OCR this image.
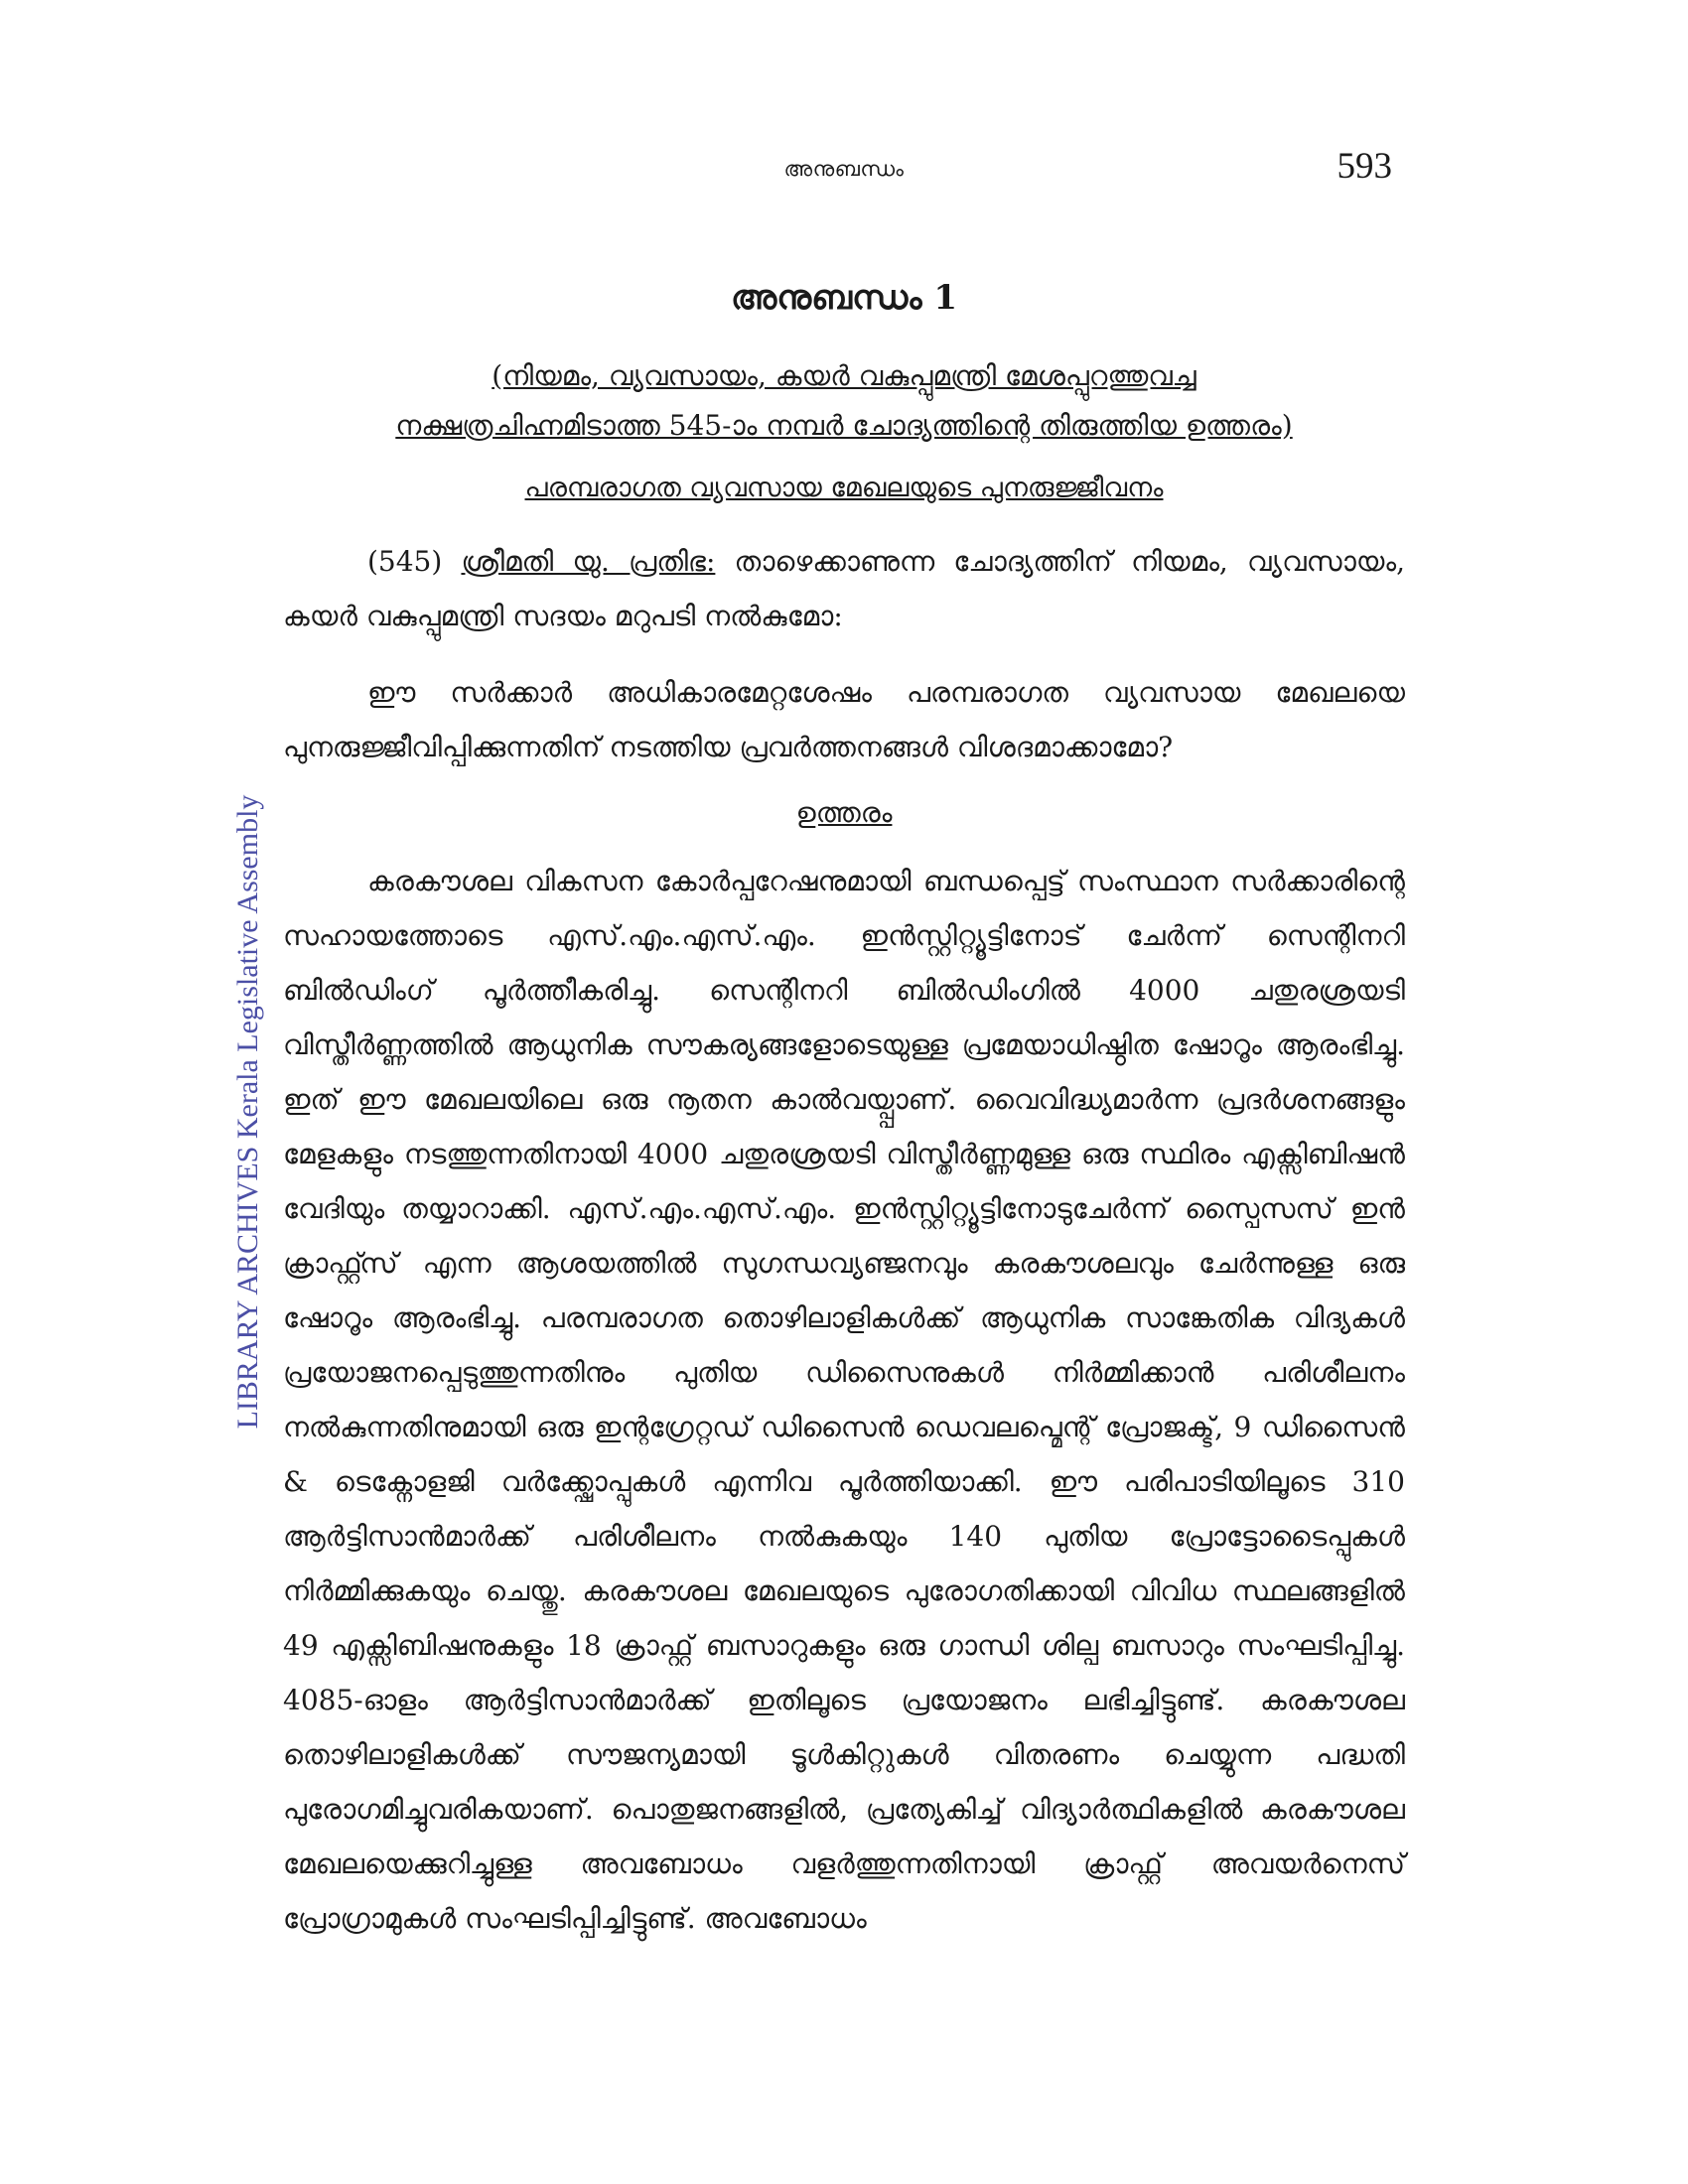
അനുബന്ധം	593
LIBRARY ARCHIVES Kerala Legislative Assembly
അനുബന്ധം 1
(നിയമം, വ്യവസായം, കയർ വകുപ്പുമന്ത്രി മേശപ്പുറത്തുവച്ച
നക്ഷത്രചിഹ്നമിടാത്ത 545-ാം നമ്പർ ചോദ്യത്തിന്റെ തിരുത്തിയ ഉത്തരം)
പരമ്പരാഗത വ്യവസായ മേഖലയുടെ പുനരുജ്ജീവനം

(545) ശ്രീമതി യു. പ്രതിഭ: താഴെക്കാണുന്ന ചോദ്യത്തിന് നിയമം, വ്യവസായം, കയർ വകുപ്പുമന്ത്രി സദയം മറുപടി നൽകുമോ:

ഈ സർക്കാർ അധികാരമേറ്റശേഷം പരമ്പരാഗത വ്യവസായ മേഖലയെ പുനരുജ്ജീവിപ്പിക്കുന്നതിന് നടത്തിയ പ്രവർത്തനങ്ങൾ വിശദമാക്കാമോ?

ഉത്തരം

കരകൗശല വികസന കോർപ്പറേഷനുമായി ബന്ധപ്പെട്ട് സംസ്ഥാന സർക്കാരിന്റെ സഹായത്തോടെ എസ്.എം.എസ്.എം. ഇൻസ്റ്റിറ്റ്യൂട്ടിനോട് ചേർന്ന് സെന്റിനറി ബിൽഡിംഗ് പൂർത്തീകരിച്ചു. സെന്റിനറി ബിൽഡിംഗിൽ 4000 ചതുരശ്രയടി വിസ്തീർണ്ണത്തിൽ ആധുനിക സൗകര്യങ്ങളോടെയുള്ള പ്രമേയാധിഷ്ഠിത ഷോറൂം ആരംഭിച്ചു. ഇത് ഈ മേഖലയിലെ ഒരു നൂതന കാൽവയ്പ്പാണ്. വൈവിദ്ധ്യമാർന്ന പ്രദർശനങ്ങളും മേളകളും നടത്തുന്നതിനായി 4000 ചതുരശ്രയടി വിസ്തീർണ്ണമുള്ള ഒരു സ്ഥിരം എക്സിബിഷൻ വേദിയും തയ്യാറാക്കി. എസ്.എം.എസ്.എം. ഇൻസ്റ്റിറ്റ്യൂട്ടിനോടുചേർന്ന് സ്പൈസസ് ഇൻ ക്രാഫ്റ്റ്സ് എന്ന ആശയത്തിൽ സുഗന്ധവ്യഞ്ജനവും കരകൗശലവും ചേർന്നുള്ള ഒരു ഷോറൂം ആരംഭിച്ചു. പരമ്പരാഗത തൊഴിലാളികൾക്ക് ആധുനിക സാങ്കേതിക വിദ്യകൾ പ്രയോജനപ്പെടുത്തുന്നതിനും പുതിയ ഡിസൈനുകൾ നിർമ്മിക്കാൻ പരിശീലനം നൽകുന്നതിനുമായി ഒരു ഇന്റഗ്രേറ്റഡ് ഡിസൈൻ ഡെവലപ്മെന്റ് പ്രോജക്ട്, 9 ഡിസൈൻ & ടെക്നോളജി വർക്ക്ഷോപ്പുകൾ എന്നിവ പൂർത്തിയാക്കി. ഈ പരിപാടിയിലൂടെ 310 ആർട്ടിസാൻമാർക്ക് പരിശീലനം നൽകുകയും 140 പുതിയ പ്രോട്ടോടൈപ്പുകൾ നിർമ്മിക്കുകയും ചെയ്തു. കരകൗശല മേഖലയുടെ പുരോഗതിക്കായി വിവിധ സ്ഥലങ്ങളിൽ 49 എക്സിബിഷനുകളും 18 ക്രാഫ്റ്റ് ബസാറുകളും ഒരു ഗാന്ധി ശില്പ ബസാറും സംഘടിപ്പിച്ചു. 4085-ഓളം ആർട്ടിസാൻമാർക്ക് ഇതിലൂടെ പ്രയോജനം ലഭിച്ചിട്ടുണ്ട്. കരകൗശല തൊഴിലാളികൾക്ക് സൗജന്യമായി ടൂൾകിറ്റുകൾ വിതരണം ചെയ്യുന്ന പദ്ധതി പുരോഗമിച്ചുവരികയാണ്. പൊതുജനങ്ങളിൽ, പ്രത്യേകിച്ച് വിദ്യാർത്ഥികളിൽ കരകൗശല മേഖലയെക്കുറിച്ചുള്ള അവബോധം വളർത്തുന്നതിനായി ക്രാഫ്റ്റ് അവയർനെസ് പ്രോഗ്രാമുകൾ സംഘടിപ്പിച്ചിട്ടുണ്ട്. അവബോധം
